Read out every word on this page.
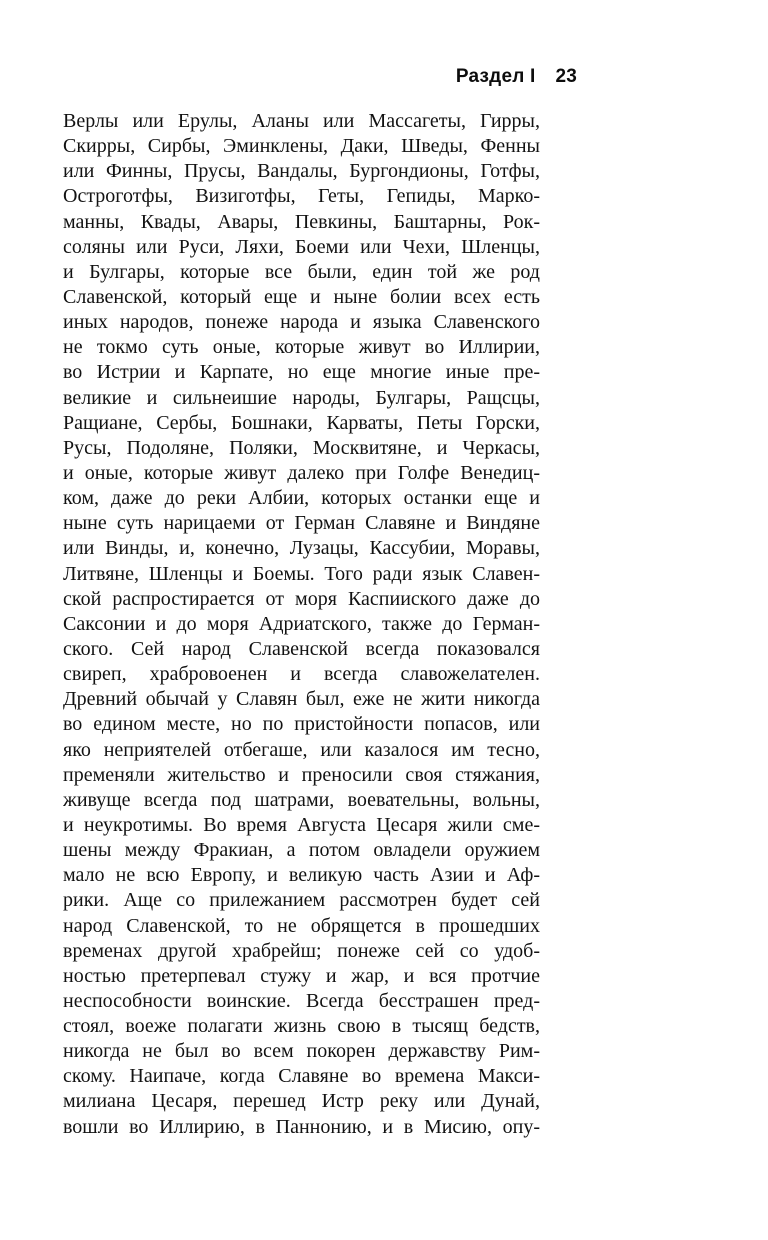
Раздел I 23
Верлы или Ерулы, Аланы или Массагеты, Гирры,
Скирры, Сирбы, Эминклены, Даки, Шведы, Фенны
или Финны, Прусы, Вандалы, Бургондионы, Готфы,
Остроготфы, Визиготфы, Геты, Гепиды, Марко-
манны, Квады, Авары, Певкины, Баштарны, Рок-
соляны или Руси, Ляхи, Боеми или Чехи, Шленцы,
и Булгары, которые все были, един той же род
Славенской, который еще и ныне болии всех есть
иных народов, понеже народа и языка Славенского
не токмо суть оные, которые живут во Иллирии,
во Истрии и Карпате, но еще многие иные пре-
великие и сильнеишие народы, Булгары, Ращсцы,
Ращиане, Сербы, Бошнаки, Карваты, Петы Горски,
Русы, Подоляне, Поляки, Москвитяне, и Черкасы,
и оные, которые живут далеко при Голфе Венедиц-
ком, даже до реки Албии, которых останки еще и
ныне суть нарицаеми от Герман Славяне и Виндяне
или Винды, и, конечно, Лузацы, Кассубии, Моравы,
Литвяне, Шленцы и Боемы. Того ради язык Славен-
ской распростирается от моря Каспииского даже до
Саксонии и до моря Адриатского, также до Герман-
ского. Сей народ Славенской всегда показовался
свиреп, храбровоенен и всегда славожелателен.
Древний обычай у Славян был, еже не жити никогда
во едином месте, но по пристойности попасов, или
яко неприятелей отбегаше, или казалося им тесно,
пременяли жительство и преносили своя стяжания,
живуще всегда под шатрами, воевательны, вольны,
и неукротимы. Во время Августа Цесаря жили сме-
шены между Фракиан, а потом овладели оружием
мало не всю Европу, и великую часть Азии и Аф-
рики. Аще со прилежанием рассмотрен будет сей
народ Славенской, то не обрящется в прошедших
временах другой храбрейш; понеже сей со удоб-
ностью претерпевал стужу и жар, и вся протчие
неспособности воинские. Всегда бесстрашен пред-
стоял, воеже полагати жизнь свою в тысящ бедств,
никогда не был во всем покорен державству Рим-
скому. Наипаче, когда Славяне во времена Макси-
милиана Цесаря, перешед Истр реку или Дунай,
вошли во Иллирию, в Паннонию, и в Мисию, опу-
